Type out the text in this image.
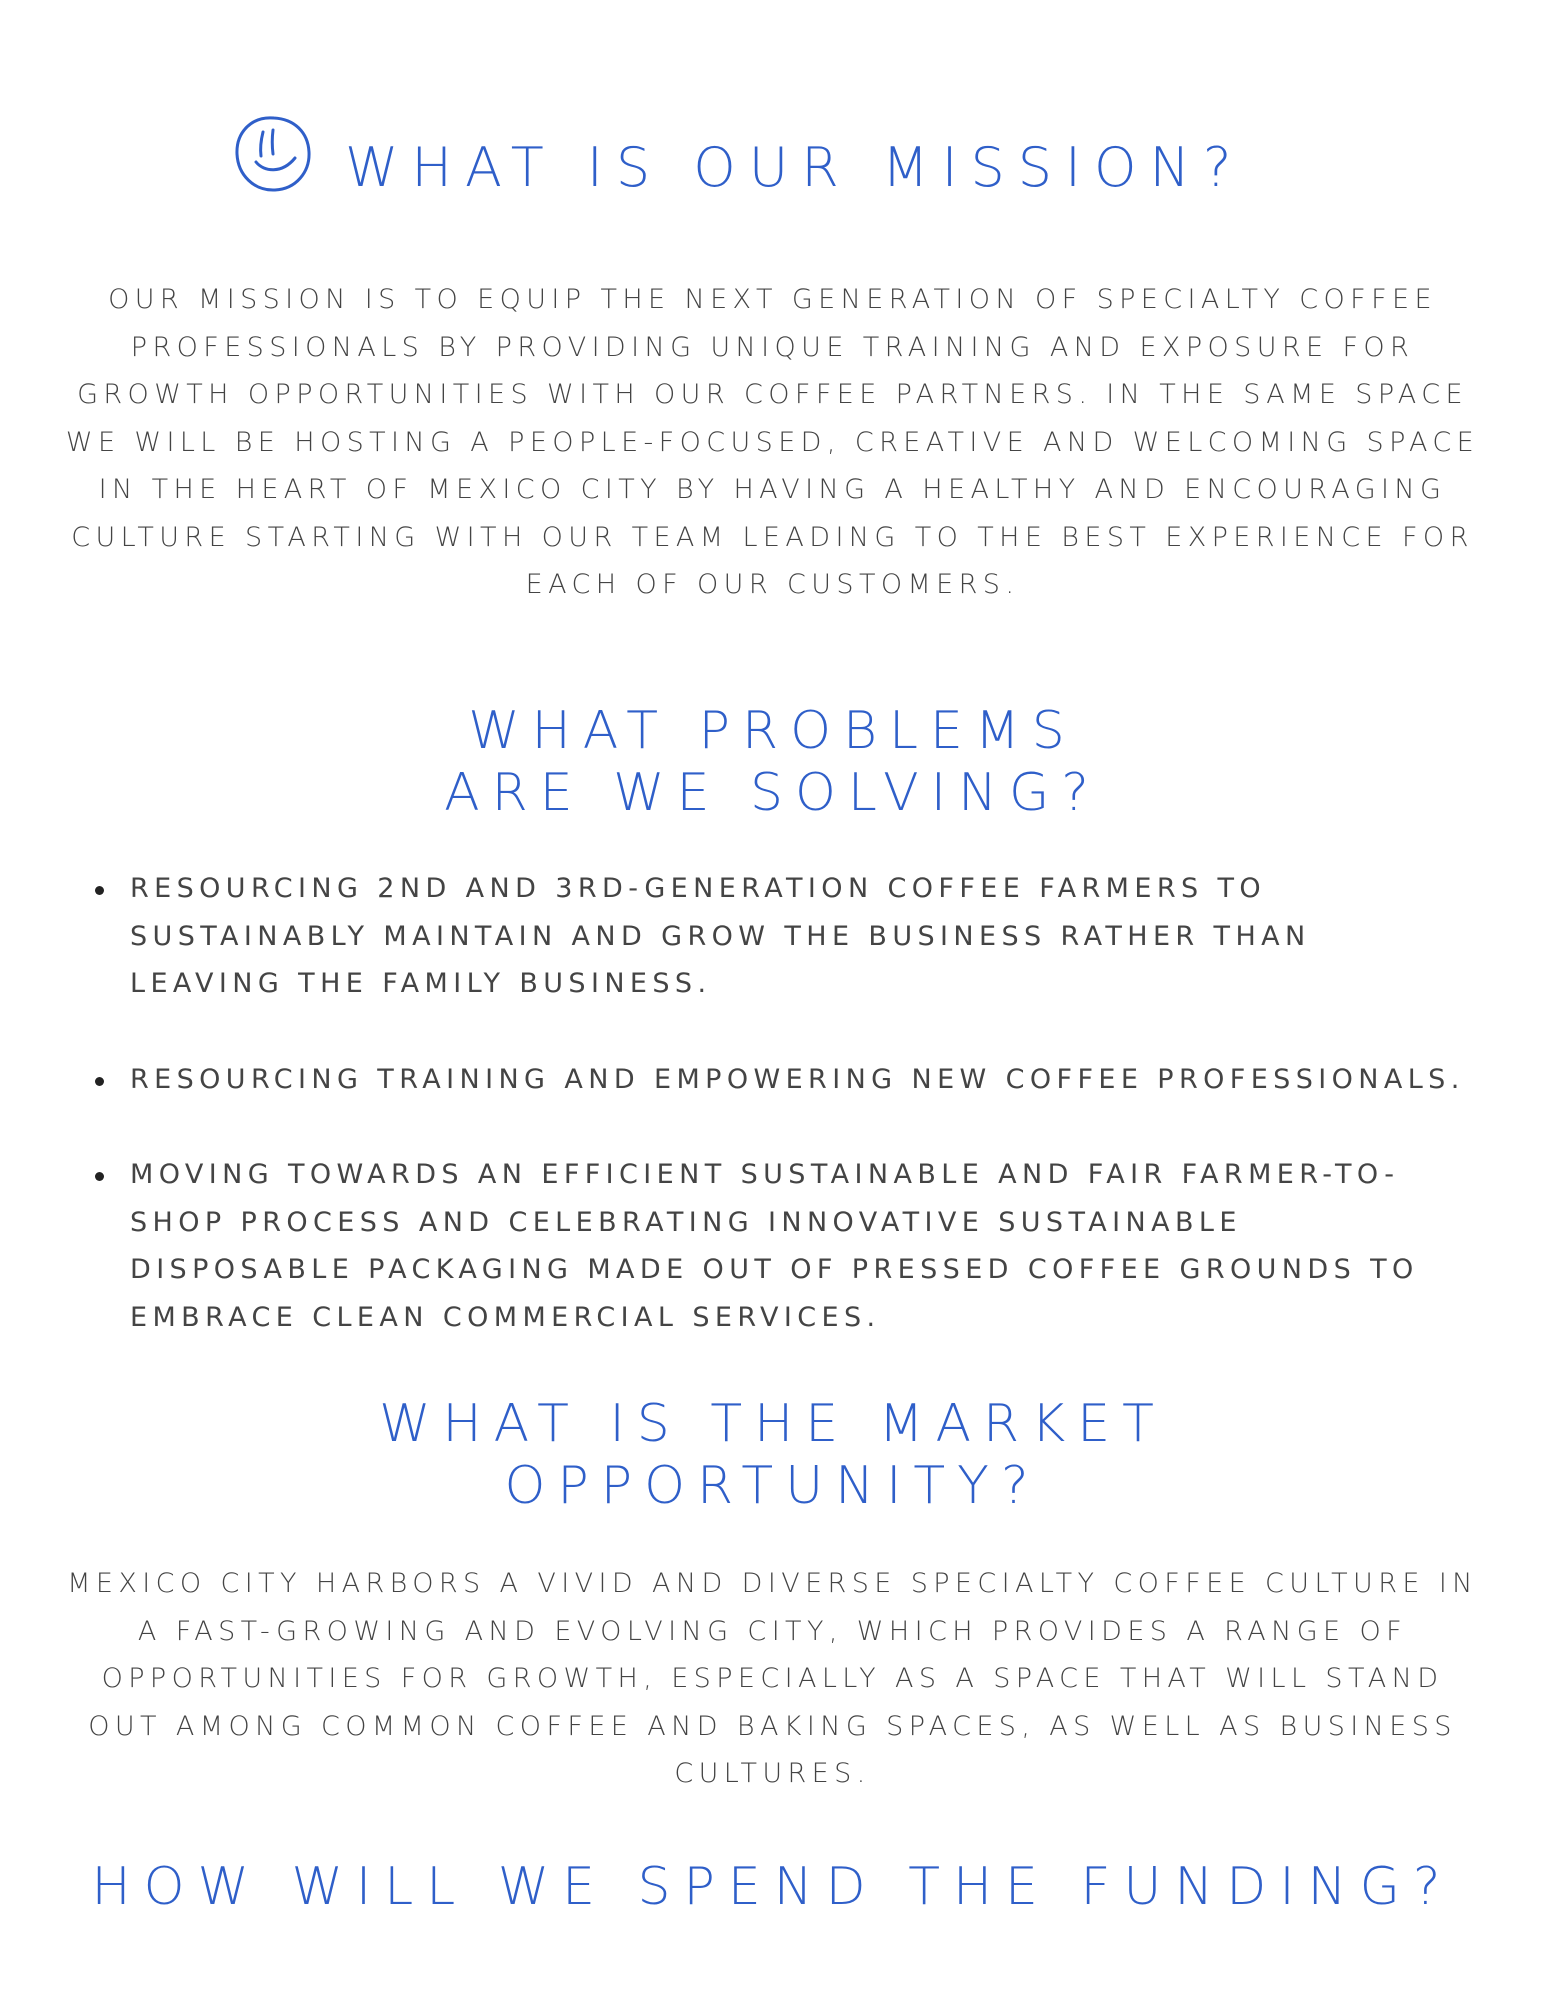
WHAT IS OUR MISSION?

OUR MISSION IS TO EQUIP THE NEXT GENERATION OF SPECIALTY COFFEE PROFESSIONALS BY PROVIDING UNIQUE TRAINING AND EXPOSURE FOR GROWTH OPPORTUNITIES WITH OUR COFFEE PARTNERS. IN THE SAME SPACE WE WILL BE HOSTING A PEOPLE-FOCUSED, CREATIVE AND WELCOMING SPACE IN THE HEART OF MEXICO CITY BY HAVING A HEALTHY AND ENCOURAGING CULTURE STARTING WITH OUR TEAM LEADING TO THE BEST EXPERIENCE FOR EACH OF OUR CUSTOMERS.

WHAT PROBLEMS
ARE WE SOLVING?
RESOURCING 2ND AND 3RD-GENERATION COFFEE FARMERS TO SUSTAINABLY MAINTAIN AND GROW THE BUSINESS RATHER THAN LEAVING THE FAMILY BUSINESS.
RESOURCING TRAINING AND EMPOWERING NEW COFFEE PROFESSIONALS.
MOVING TOWARDS AN EFFICIENT SUSTAINABLE AND FAIR FARMER-TO-SHOP PROCESS AND CELEBRATING INNOVATIVE SUSTAINABLE DISPOSABLE PACKAGING MADE OUT OF PRESSED COFFEE GROUNDS TO EMBRACE CLEAN COMMERCIAL SERVICES.
WHAT IS THE MARKET
OPPORTUNITY?

MEXICO CITY HARBORS A VIVID AND DIVERSE SPECIALTY COFFEE CULTURE IN A FAST-GROWING AND EVOLVING CITY, WHICH PROVIDES A RANGE OF OPPORTUNITIES FOR GROWTH, ESPECIALLY AS A SPACE THAT WILL STAND OUT AMONG COMMON COFFEE AND BAKING SPACES, AS WELL AS BUSINESS CULTURES.

HOW WILL WE SPEND THE FUNDING?
